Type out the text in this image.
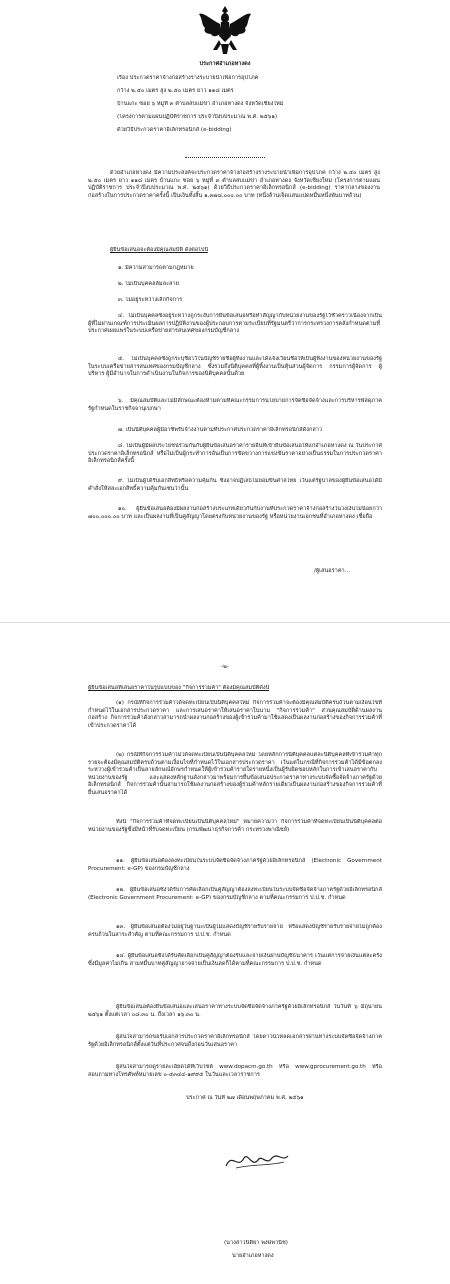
ประกาศอำเภอหางดง
เรื่อง ประกวดราคาจ้างก่อสร้างรางระบายน้ำเพื่อการอุปโภค
กว้าง ๒.๕๐ เมตร สูง ๒.๕๐ เมตร ยาว ๑๑๘ เมตร
บ้านแกะ ซอย ๖ หมู่ที่ ๓ ตำบลสบแม่ข่า อำเภอหางดง จังหวัดเชียงใหม่
(โครงการตามแผนปฏิบัติราชการ ประจำปีงบประมาณ พ.ศ. ๒๕๖๑)
ด้วยวิธีประกวดราคาอิเล็กทรอนิกส์ (e-bidding)
ด้วยอำเภอหางดง มีความประสงค์จะประกวดราคาจ้างก่อสร้างรางระบายน้ำเพื่อการอุปโภค กว้าง ๒.๕๐ เมตร สูง ๒.๕๐ เมตร ยาว ๑๑๘ เมตร บ้านแกะ ซอย ๖ หมู่ที่ ๓ ตำบลสบแม่ข่า อำเภอหางดง จังหวัดเชียงใหม่ (โครงการตามแผนปฏิบัติราชการ ประจำปีงบประมาณ พ.ศ. ๒๕๖๑) ด้วยวิธีประกวดราคาอิเล็กทรอนิกส์ (e-bidding) ราคากลางของงานก่อสร้างในการประกวดราคาครั้งนี้ เป็นเงินทั้งสิ้น ๑,๓๗๘,๐๐๐.๐๐ บาท (หนึ่งล้านเจ็ดแสนแปดหมื่นหนึ่งพันบาทถ้วน)
ผู้ยื่นข้อเสนอจะต้องมีคุณสมบัติ ดังต่อไปนี้
๑. มีความสามารถตามกฎหมาย
๒. ไม่เป็นบุคคลล้มละลาย
๓. ไม่อยู่ระหว่างเลิกกิจการ
๔. ไม่เป็นบุคคลซึ่งอยู่ระหว่างถูกระงับการยื่นข้อเสนอหรือทำสัญญากับหน่วยงานของรัฐไว้ชั่วคราวเนื่องจากเป็นผู้ที่ไม่ผ่านเกณฑ์การประเมินผลการปฏิบัติงานของผู้ประกอบการตามระเบียบที่รัฐมนตรีว่าการกระทรวงการคลังกำหนดตามที่ประกาศเผยแพร่ในระบบเครือข่ายสารสนเทศของกรมบัญชีกลาง
๕. ไม่เป็นบุคคลซึ่งถูกระบุชื่อไว้ในบัญชีรายชื่อผู้ทิ้งงานและได้แจ้งเวียนชื่อให้เป็นผู้ทิ้งงานของหน่วยงานของรัฐในระบบเครือข่ายสารสนเทศของกรมบัญชีกลาง ซึ่งรวมถึงนิติบุคคลที่ผู้ทิ้งงานเป็นหุ้นส่วนผู้จัดการ กรรมการผู้จัดการ ผู้บริหาร ผู้มีอำนาจในการดำเนินงานในกิจการของนิติบุคคลนั้นด้วย
๖. มีคุณสมบัติและไม่มีลักษณะต้องห้ามตามที่คณะกรรมการนโยบายการจัดซื้อจัดจ้างและการบริหารพัสดุภาครัฐกำหนดในราชกิจจานุเบกษา
๗. เป็นนิติบุคคลผู้มีอาชีพรับจ้างงานตามที่ประกาศประกวดราคาอิเล็กทรอนิกส์ดังกล่าว
๘. ไม่เป็นผู้มีผลประโยชน์ร่วมกันกับผู้ยื่นข้อเสนอราคารายอื่นที่เข้ายื่นข้อเสนอให้แก่อำเภอหางดง ณ วันประกาศประกวดราคาอิเล็กทรอนิกส์ หรือไม่เป็นผู้กระทำการอันเป็นการขัดขวางการแข่งขันราคาอย่างเป็นธรรมในการประกวดราคาอิเล็กทรอนิกส์ครั้งนี้
๙. ไม่เป็นผู้ได้รับเอกสิทธิ์หรือความคุ้มกัน ซึ่งอาจปฏิเสธไม่ยอมขึ้นศาลไทย เว้นแต่รัฐบาลของผู้ยื่นข้อเสนอได้มีคำสั่งให้สละเอกสิทธิ์ความคุ้มกันเช่นว่านั้น
๑๐. ผู้ยื่นข้อเสนอต้องมีผลงานก่อสร้างประเภทเดียวกันกับงานที่ประกวดราคาจ้างก่อสร้างในวงเงินไม่น้อยกว่า ๗๐๐,๐๐๐.๐๐ บาท และเป็นผลงานที่เป็นคู่สัญญาโดยตรงกับหน่วยงานของรัฐ หรือหน่วยงานเอกชนที่อำเภอหางดง เชื่อถือ
/ผู้เสนอราคา...
-๒-
ผู้ยื่นข้อเสนอที่เสนอราคาในรูปแบบของ "กิจการร่วมค้า" ต้องมีคุณสมบัติดังนี้
(๑) กรณีที่กิจการร่วมค้าได้จดทะเบียนเป็นนิติบุคคลใหม่ กิจการร่วมค้าจะต้องมีคุณสมบัติครบถ้วนตามเงื่อนไขที่กำหนดไว้ในเอกสารประกวดราคา และการเสนอราคาให้เสนอราคาในนาม "กิจการร่วมค้า" ส่วนคุณสมบัติด้านผลงานก่อสร้าง กิจการร่วมค้าดังกล่าวสามารถนำผลงานก่อสร้างของผู้เข้าร่วมค้ามาใช้แสดงเป็นผลงานก่อสร้างของกิจการร่วมค้าที่เข้าประกวดราคาได้
(๒) กรณีที่กิจการร่วมค้าไม่ได้จดทะเบียนเป็นนิติบุคคลใหม่ โดยหลักการนิติบุคคลแต่ละนิติบุคคลที่เข้าร่วมค้าทุกรายจะต้องมีคุณสมบัติครบถ้วนตามเงื่อนไขที่กำหนดไว้ในเอกสารประกวดราคา เว้นแต่ในกรณีที่กิจการร่วมค้าได้มีข้อตกลงระหว่างผู้เข้าร่วมค้าเป็นลายลักษณ์อักษรกำหนดให้ผู้เข้าร่วมค้ารายใดรายหนึ่งเป็นผู้รับผิดชอบหลักในการเข้าเสนอราคากับหน่วยงานของรัฐ และแสดงหลักฐานดังกล่าวมาพร้อมการยื่นข้อเสนอประกวดราคาทางระบบจัดซื้อจัดจ้างภาครัฐด้วยอิเล็กทรอนิกส์ กิจการร่วมค้านั้นสามารถใช้ผลงานก่อสร้างของผู้ร่วมค้าหลักรายเดียวเป็นผลงานก่อสร้างของกิจการร่วมค้าที่ยื่นเสนอราคาได้
ทั้งนี้ "กิจการร่วมค้าที่จดทะเบียนเป็นนิติบุคคลใหม่" หมายความว่า กิจการร่วมค้าที่จดทะเบียนเป็นนิติบุคคลต่อหน่วยงานของรัฐซึ่งมีหน้าที่รับจดทะเบียน (กรมพัฒนาธุรกิจการค้า กระทรวงพาณิชย์)
๑๑. ผู้ยื่นข้อเสนอต้องลงทะเบียนในระบบจัดซื้อจัดจ้างภาครัฐด้วยอิเล็กทรอนิกส์ (Electronic Government Procurement: e-GP) ของกรมบัญชีกลาง
๑๒. ผู้ยื่นข้อเสนอซึ่งได้รับการคัดเลือกเป็นคู่สัญญาต้องลงทะเบียนในระบบจัดซื้อจัดจ้างภาครัฐด้วยอิเล็กทรอนิกส์ (Electronic Government Procurement: e-GP) ของกรมบัญชีกลาง ตามที่คณะกรรมการ ป.ป.ช. กำหนด
๑๓. ผู้ยื่นข้อเสนอต้องไม่อยู่ในฐานะเป็นผู้ไม่แสดงบัญชีรายรับรายจ่าย หรือแสดงบัญชีรายรับรายจ่ายไม่ถูกต้องครบถ้วนในสาระสำคัญ ตามที่คณะกรรมการ ป.ป.ช. กำหนด
๑๔. ผู้ยื่นข้อเสนอซึ่งได้รับคัดเลือกเป็นคู่สัญญาต้องรับและจ่ายเงินผ่านบัญชีธนาคาร เว้นแต่การจ่ายเงินแต่ละครั้งซึ่งมีมูลค่าไม่เกิน สามหมื่นบาทคู่สัญญาอาจจ่ายเป็นเงินสดก็ได้ตามที่คณะกรรมการ ป.ป.ช. กำหนด
ผู้ยื่นข้อเสนอต้องยื่นข้อเสนอและเสนอราคาทางระบบจัดซื้อจัดจ้างภาครัฐด้วยอิเล็กทรอนิกส์ ในวันที่ ๖ มิถุนายน ๒๕๖๑ ตั้งแต่เวลา ๐๘.๓๐ น. ถึงเวลา ๑๖.๓๐ น.
ผู้สนใจสามารถขอรับเอกสารประกวดราคาอิเล็กทรอนิกส์ โดยดาวน์โหลดเอกสารผ่านทางระบบจัดซื้อจัดจ้างภาครัฐด้วยอิเล็กทรอนิกส์ตั้งแต่วันที่ประกาศจนถึงก่อนวันเสนอราคา
ผู้สนใจสามารถดูรายละเอียดได้ที่เว็บไซต์ www.dopacm.go.th หรือ www.gprocurement.go.th หรือสอบถามทางโทรศัพท์หมายเลข ๐-๕๓๔๔-๑๙๙๕ ในวันและเวลาราชการ
ประกาศ ณ วันที่ ๒๗ เดือนพฤษภาคม พ.ศ. ๒๕๖๑
(นางสาวนิติยา พงษ์พานิช)
นายอำเภอหางดง
